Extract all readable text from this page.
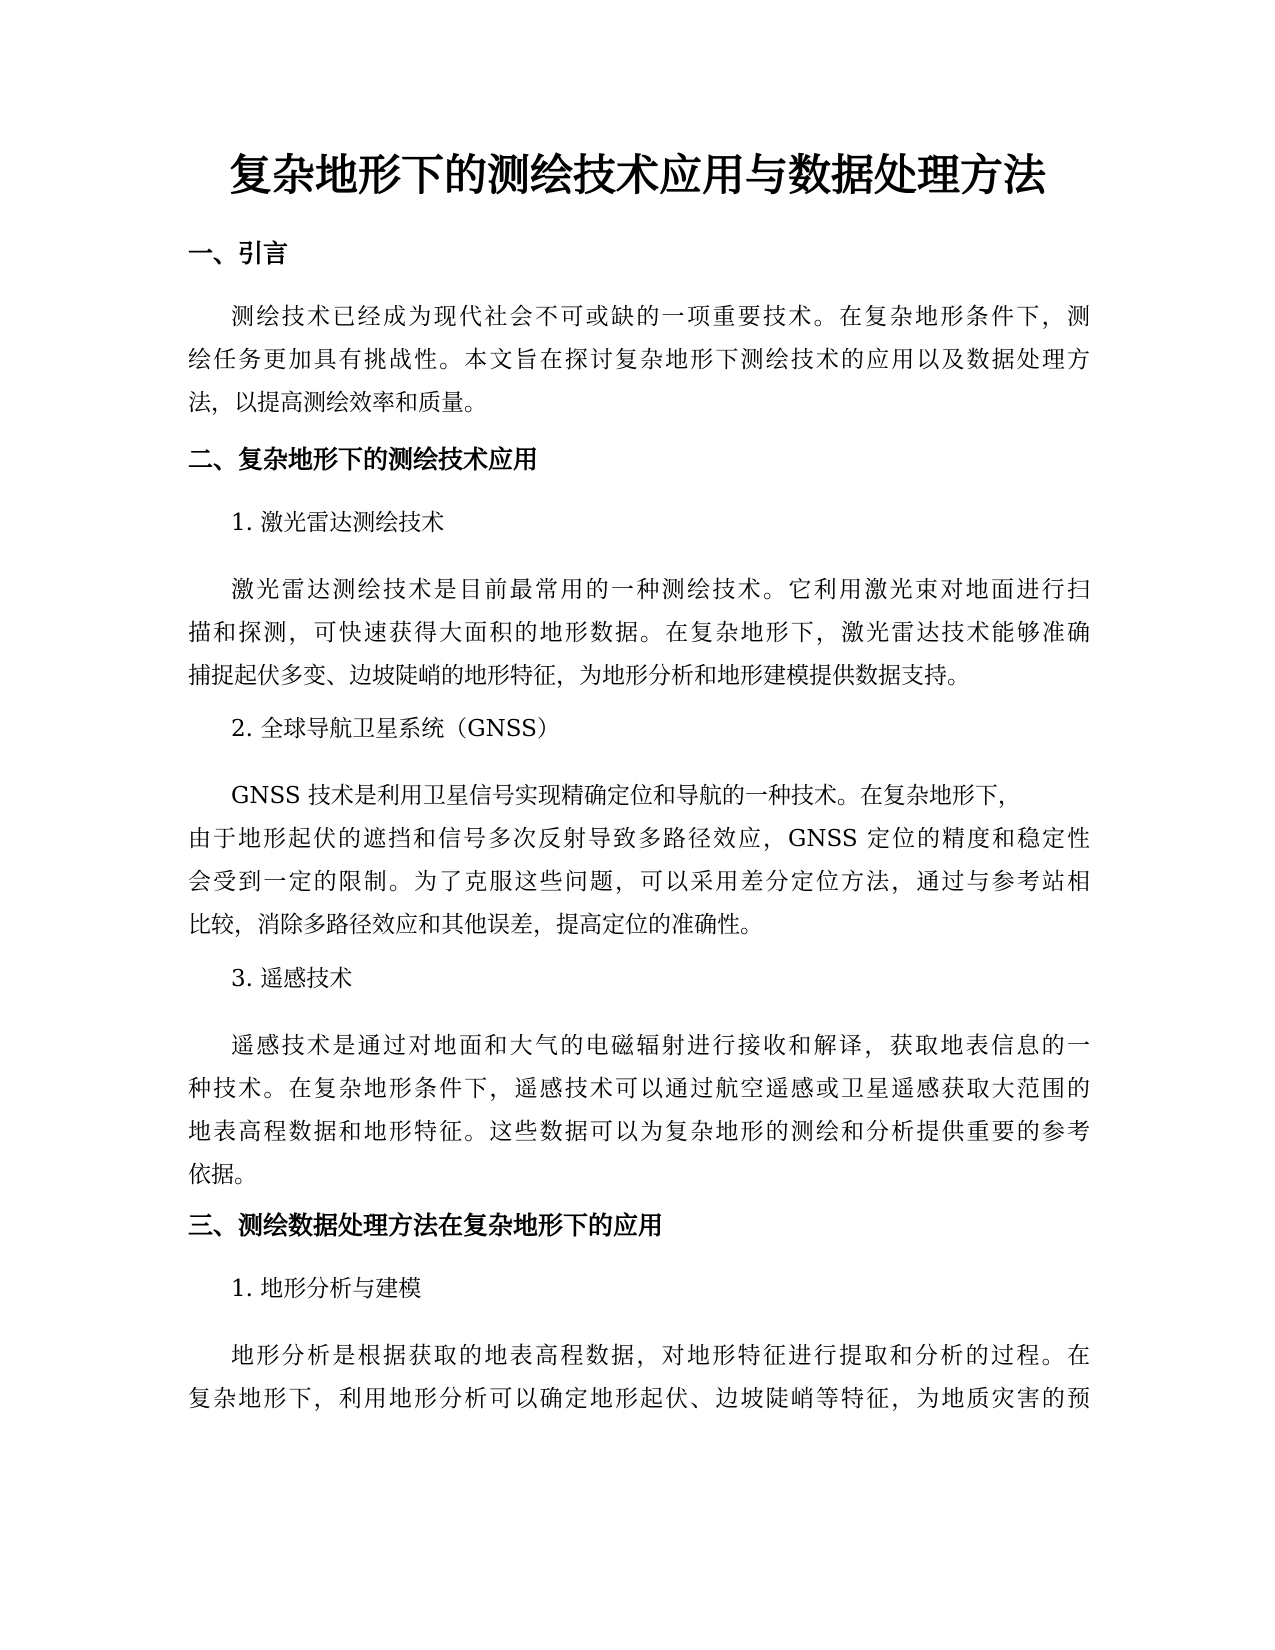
复杂地形下的测绘技术应用与数据处理方法
一、引言
测绘技术已经成为现代社会不可或缺的一项重要技术。在复杂地形条件下，测
绘任务更加具有挑战性。本文旨在探讨复杂地形下测绘技术的应用以及数据处理方
法，以提高测绘效率和质量。
二、复杂地形下的测绘技术应用
1. 激光雷达测绘技术
激光雷达测绘技术是目前最常用的一种测绘技术。它利用激光束对地面进行扫
描和探测，可快速获得大面积的地形数据。在复杂地形下，激光雷达技术能够准确
捕捉起伏多变、边坡陡峭的地形特征，为地形分析和地形建模提供数据支持。
2. 全球导航卫星系统（GNSS）
GNSS 技术是利用卫星信号实现精确定位和导航的一种技术。在复杂地形下，
由于地形起伏的遮挡和信号多次反射导致多路径效应，GNSS 定位的精度和稳定性
会受到一定的限制。为了克服这些问题，可以采用差分定位方法，通过与参考站相
比较，消除多路径效应和其他误差，提高定位的准确性。
3. 遥感技术
遥感技术是通过对地面和大气的电磁辐射进行接收和解译，获取地表信息的一
种技术。在复杂地形条件下，遥感技术可以通过航空遥感或卫星遥感获取大范围的
地表高程数据和地形特征。这些数据可以为复杂地形的测绘和分析提供重要的参考
依据。
三、测绘数据处理方法在复杂地形下的应用
1. 地形分析与建模
地形分析是根据获取的地表高程数据，对地形特征进行提取和分析的过程。在
复杂地形下，利用地形分析可以确定地形起伏、边坡陡峭等特征，为地质灾害的预
